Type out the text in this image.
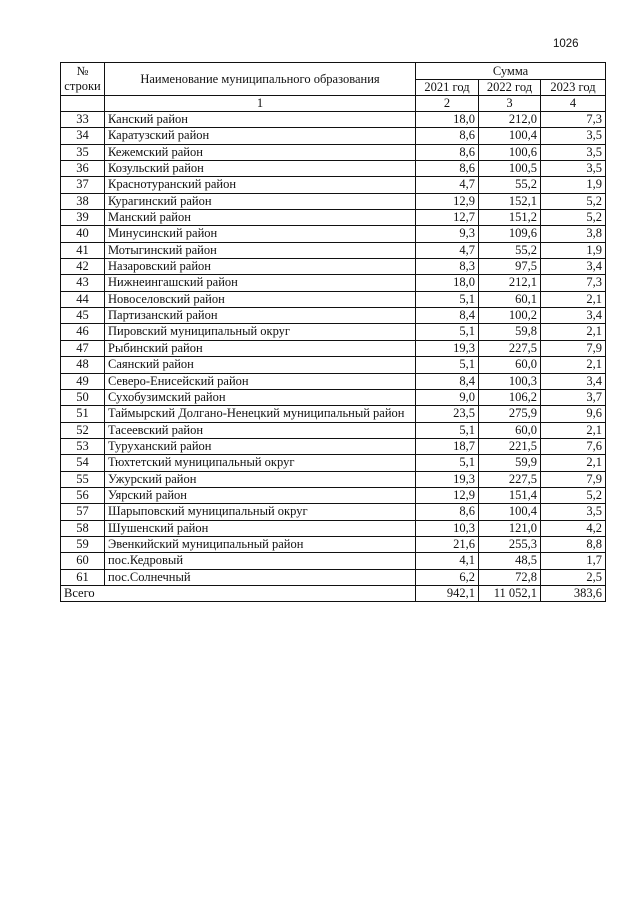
1026
№
строки	Наименование муниципального образования	Сумма		
		2021 год	2022 год	2023 год
	1	2	3	4
33	Канский район	18,0	212,0	7,3
34	Каратузский район	8,6	100,4	3,5
35	Кежемский район	8,6	100,6	3,5
36	Козульский район	8,6	100,5	3,5
37	Краснотуранский район	4,7	55,2	1,9
38	Курагинский район	12,9	152,1	5,2
39	Манский район	12,7	151,2	5,2
40	Минусинский район	9,3	109,6	3,8
41	Мотыгинский район	4,7	55,2	1,9
42	Назаровский район	8,3	97,5	3,4
43	Нижнеингашский район	18,0	212,1	7,3
44	Новоселовский район	5,1	60,1	2,1
45	Партизанский район	8,4	100,2	3,4
46	Пировский муниципальный округ	5,1	59,8	2,1
47	Рыбинский район	19,3	227,5	7,9
48	Саянский район	5,1	60,0	2,1
49	Северо-Енисейский район	8,4	100,3	3,4
50	Сухобузимский район	9,0	106,2	3,7
51	Таймырский Долгано-Ненецкий муниципальный район	23,5	275,9	9,6
52	Тасеевский район	5,1	60,0	2,1
53	Туруханский район	18,7	221,5	7,6
54	Тюхтетский муниципальный округ	5,1	59,9	2,1
55	Ужурский район	19,3	227,5	7,9
56	Уярский район	12,9	151,4	5,2
57	Шарыповский муниципальный округ	8,6	100,4	3,5
58	Шушенский район	10,3	121,0	4,2
59	Эвенкийский муниципальный район	21,6	255,3	8,8
60	пос.Кедровый	4,1	48,5	1,7
61	пос.Солнечный	6,2	72,8	2,5
Всего		942,1	11 052,1	383,6
